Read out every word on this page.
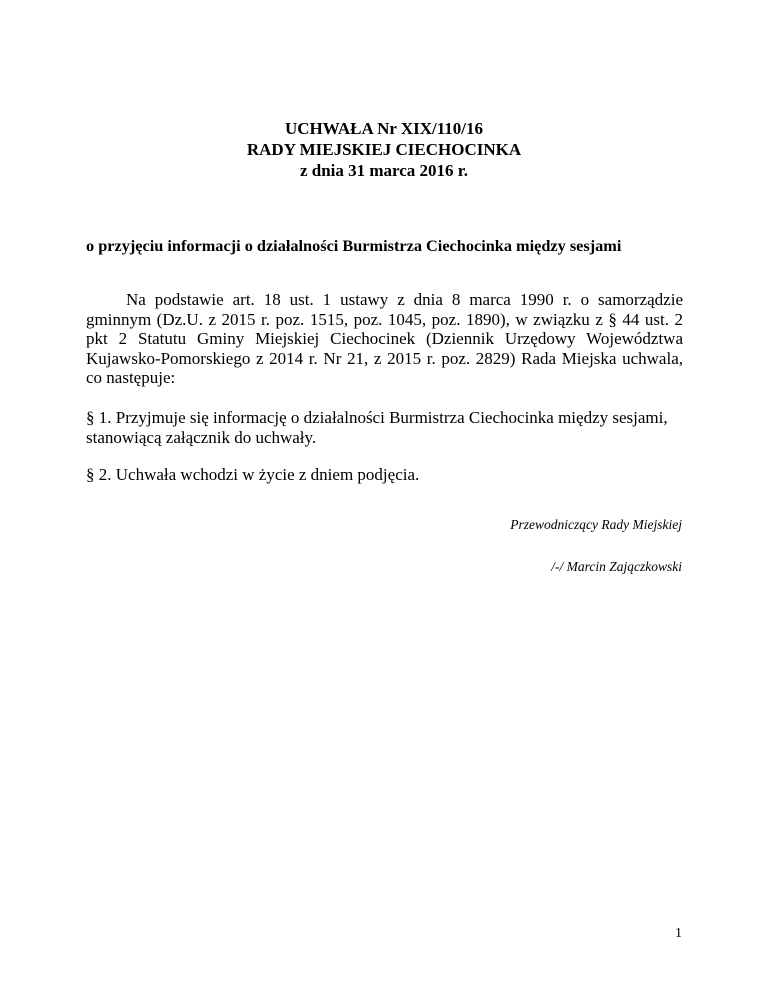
UCHWAŁA Nr XIX/110/16
RADY MIEJSKIEJ CIECHOCINKA
z dnia 31 marca 2016 r.
o przyjęciu informacji o działalności Burmistrza Ciechocinka między sesjami

Na podstawie art. 18 ust. 1 ustawy z dnia 8 marca 1990 r. o samorządzie gminnym (Dz.U. z 2015 r. poz. 1515, poz. 1045, poz. 1890), w związku z § 44 ust. 2 pkt 2 Statutu Gminy Miejskiej Ciechocinek (Dziennik Urzędowy Województwa Kujawsko-Pomorskiego z 2014 r. Nr 21, z 2015 r. poz. 2829) Rada Miejska uchwala, co następuje:

§ 1. Przyjmuje się informację o działalności Burmistrza Ciechocinka między sesjami, stanowiącą załącznik do uchwały.

§ 2. Uchwała wchodzi w życie z dniem podjęcia.

Przewodniczący Rady Miejskiej
/-/ Marcin Zajączkowski
1
